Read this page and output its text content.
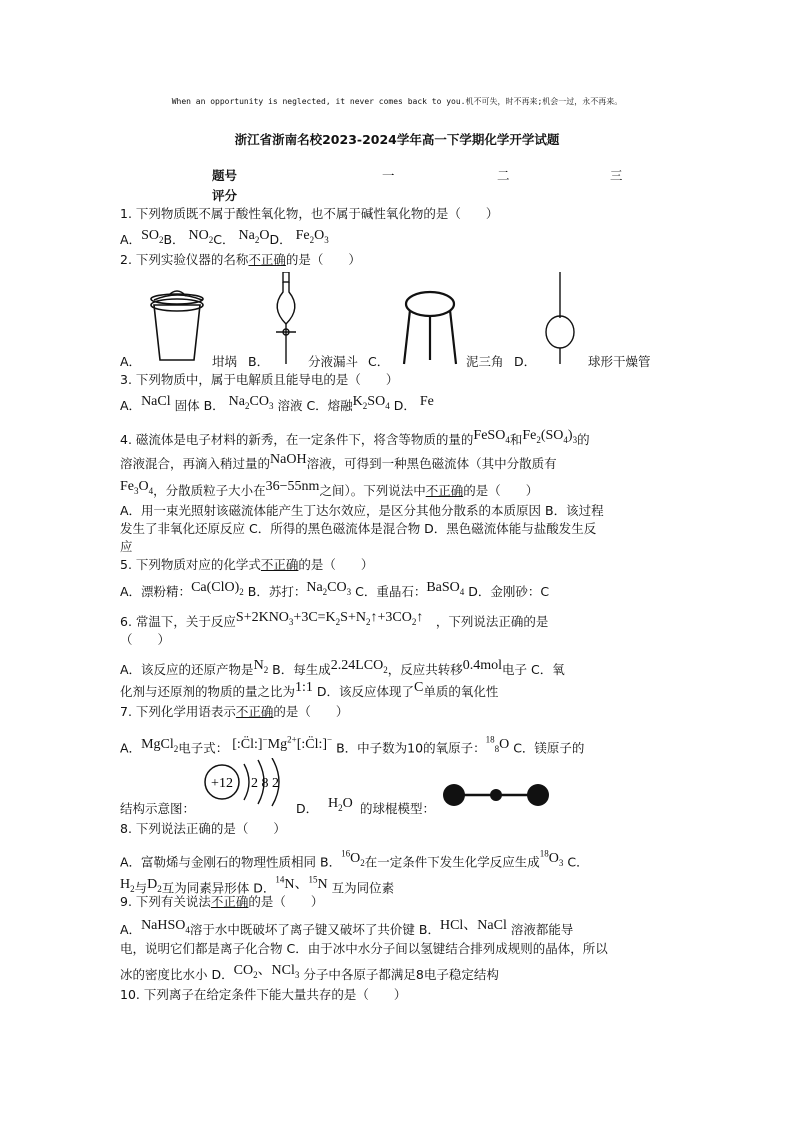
When an opportunity is neglected, it never comes back to you.机不可失，时不再来;机会一过，永不再来。
浙江省浙南名校2023-2024学年高一下学期化学开学试题
题号	一	二	三
评分
1. 下列物质既不属于酸性氧化物，也不属于碱性氧化物的是（　　）
A．$SO_2B$． $NO_2C$． $Na_2OD$． $Fe_2O_3$
2. 下列实验仪器的名称不正确的是（　　）
A．	坩埚 B．	分液漏斗 C．	泥三角 D．	球形干燥管
3. 下列物质中，属于电解质且能导电的是（　　）
A．NaCl 固体 B． $Na_2CO_3$ 溶液 C．熔融$K_2SO_4$ D． Fe
4. 磁流体是电子材料的新秀，在一定条件下，将含等物质的量的FeSO$_4$和$Fe_2(SO_4)_3$的
溶液混合，再滴入稍过量的NaOH溶液，可得到一种黑色磁流体（其中分散质有
$Fe_3O_4$，分散质粒子大小在36−55nm之间）。下列说法中不正确的是（　　）
A．用一束光照射该磁流体能产生丁达尔效应，是区分其他分散系的本质原因 B．该过程
发生了非氧化还原反应 C．所得的黑色磁流体是混合物 D．黑色磁流体能与盐酸发生反
应
5. 下列物质对应的化学式不正确的是（　　）
A．漂粉精：$Ca(ClO)_2$ B．苏打：$Na_2CO_3$ C．重晶石：BaSO$_4$ D．金刚砂：C
6. 常温下，关于反应$S+2KNO_3+3C=K_2S+N_2↑+3CO_2↑$　 ，下列说法正确的是
（　　）
A．该反应的还原产物是$N_2$ B．每生成$2.24LCO_2$，反应共转移0.4mol电子 C．氧
化剂与还原剂的物质的量之比为1:1 D．该反应体现了C单质的氧化性
7. 下列化学用语表示不正确的是（　　）
A．MgCl$_2$电子式： $[:C̈l:]^-Mg^{2+}[:C̈l:]^-$ B．中子数为10的氧原子：$^{18}_8$O C．镁原子的
+12 2 8 2
结构示意图：	D． $H_2O$ 的球棍模型：
8. 下列说法正确的是（　　）
A．富勒烯与金刚石的物理性质相同 B．$^{16}O_2$在一定条件下发生化学反应生成$^{18}O_3$ C．
$H_2$与$D_2$互为同素异形体 D．$^{14}$N、$^{15}$N 互为同位素
9. 下列有关说法不正确的是（　　）
A．NaHSO$_4$溶于水中既破坏了离子键又破坏了共价键 B．HCl、NaCl 溶液都能导
电，说明它们都是离子化合物 C．由于冰中水分子间以氢键结合排列成规则的晶体，所以
冰的密度比水小 D．$CO_2$、NCl$_3$ 分子中各原子都满足8电子稳定结构
10. 下列离子在给定条件下能大量共存的是（　　）
